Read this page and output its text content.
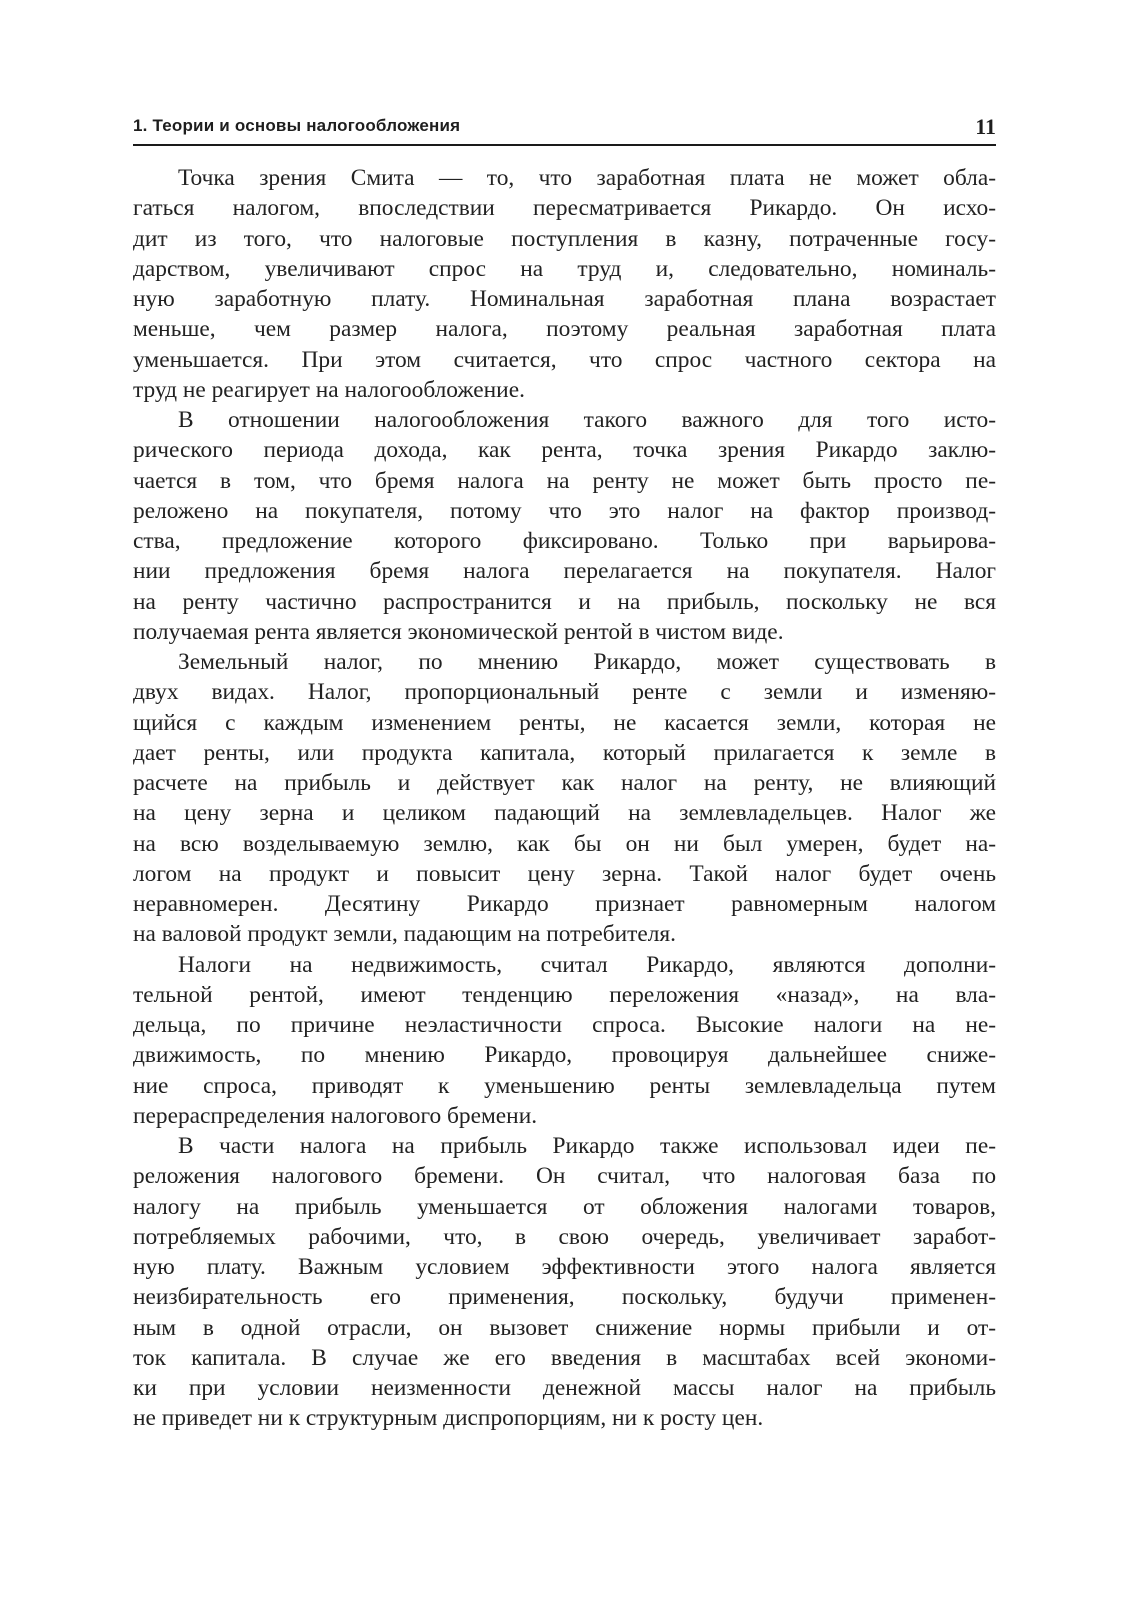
1. Теории и основы налогообложения	11
Точка зрения Смита — то, что заработная плата не может обла-
гаться налогом, впоследствии пересматривается Рикардо. Он исхо-
дит из того, что налоговые поступления в казну, потраченные госу-
дарством, увеличивают спрос на труд и, следовательно, номиналь-
ную заработную плату. Номинальная заработная плана возрастает
меньше, чем размер налога, поэтому реальная заработная плата
уменьшается. При этом считается, что спрос частного сектора на
труд не реагирует на налогообложение.
В отношении налогообложения такого важного для того исто-
рического периода дохода, как рента, точка зрения Рикардо заклю-
чается в том, что бремя налога на ренту не может быть просто пе-
реложено на покупателя, потому что это налог на фактор производ-
ства, предложение которого фиксировано. Только при варьирова-
нии предложения бремя налога перелагается на покупателя. Налог
на ренту частично распространится и на прибыль, поскольку не вся
получаемая рента является экономической рентой в чистом виде.
Земельный налог, по мнению Рикардо, может существовать в
двух видах. Налог, пропорциональный ренте с земли и изменяю-
щийся с каждым изменением ренты, не касается земли, которая не
дает ренты, или продукта капитала, который прилагается к земле в
расчете на прибыль и действует как налог на ренту, не влияющий
на цену зерна и целиком падающий на землевладельцев. Налог же
на всю возделываемую землю, как бы он ни был умерен, будет на-
логом на продукт и повысит цену зерна. Такой налог будет очень
неравномерен. Десятину Рикардо признает равномерным налогом
на валовой продукт земли, падающим на потребителя.
Налоги на недвижимость, считал Рикардо, являются дополни-
тельной рентой, имеют тенденцию переложения «назад», на вла-
дельца, по причине неэластичности спроса. Высокие налоги на не-
движимость, по мнению Рикардо, провоцируя дальнейшее сниже-
ние спроса, приводят к уменьшению ренты землевладельца путем
перераспределения налогового бремени.
В части налога на прибыль Рикардо также использовал идеи пе-
реложения налогового бремени. Он считал, что налоговая база по
налогу на прибыль уменьшается от обложения налогами товаров,
потребляемых рабочими, что, в свою очередь, увеличивает заработ-
ную плату. Важным условием эффективности этого налога является
неизбирательность его применения, поскольку, будучи применен-
ным в одной отрасли, он вызовет снижение нормы прибыли и от-
ток капитала. В случае же его введения в масштабах всей экономи-
ки при условии неизменности денежной массы налог на прибыль
не приведет ни к структурным диспропорциям, ни к росту цен.
